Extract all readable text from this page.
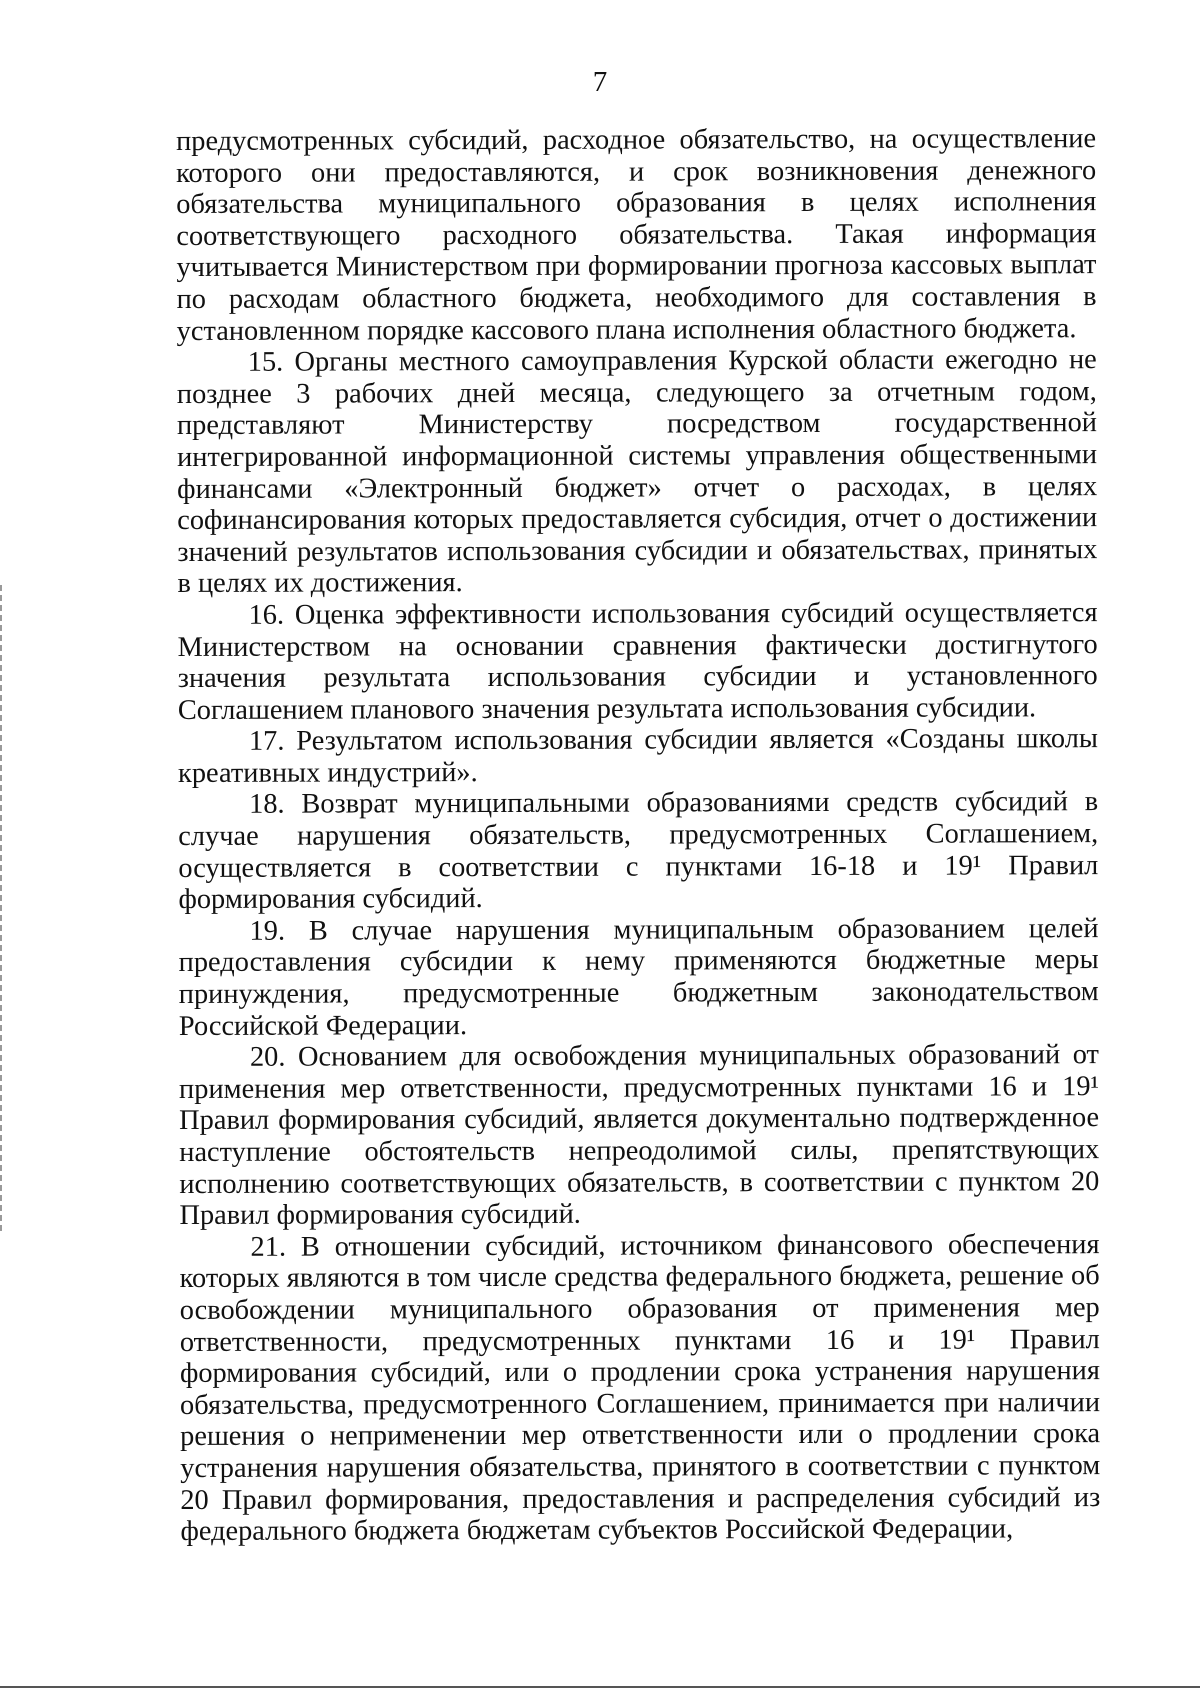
7

предусмотренных субсидий, расходное обязательство, на осуществление которого они предоставляются, и срок возникновения денежного обязательства муниципального образования в целях исполнения соответствующего расходного обязательства. Такая информация учитывается Министерством при формировании прогноза кассовых выплат по расходам областного бюджета, необходимого для составления в установленном порядке кассового плана исполнения областного бюджета.

15. Органы местного самоуправления Курской области ежегодно не позднее 3 рабочих дней месяца, следующего за отчетным годом, представляют Министерству посредством государственной интегрированной информационной системы управления общественными финансами «Электронный бюджет» отчет о расходах, в целях софинансирования которых предоставляется субсидия, отчет о достижении значений результатов использования субсидии и обязательствах, принятых в целях их достижения.

16. Оценка эффективности использования субсидий осуществляется Министерством на основании сравнения фактически достигнутого значения результата использования субсидии и установленного Соглашением планового значения результата использования субсидии.

17. Результатом использования субсидии является «Созданы школы креативных индустрий».

18. Возврат муниципальными образованиями средств субсидий в случае нарушения обязательств, предусмотренных Соглашением, осуществляется в соответствии с пунктами 16-18 и 19¹ Правил формирования субсидий.

19. В случае нарушения муниципальным образованием целей предоставления субсидии к нему применяются бюджетные меры принуждения, предусмотренные бюджетным законодательством Российской Федерации.

20. Основанием для освобождения муниципальных образований от применения мер ответственности, предусмотренных пунктами 16 и 19¹ Правил формирования субсидий, является документально подтвержденное наступление обстоятельств непреодолимой силы, препятствующих исполнению соответствующих обязательств, в соответствии с пунктом 20 Правил формирования субсидий.

21. В отношении субсидий, источником финансового обеспечения которых являются в том числе средства федерального бюджета, решение об освобождении муниципального образования от применения мер ответственности, предусмотренных пунктами 16 и 19¹ Правил формирования субсидий, или о продлении срока устранения нарушения обязательства, предусмотренного Соглашением, принимается при наличии решения о неприменении мер ответственности или о продлении срока устранения нарушения обязательства, принятого в соответствии с пунктом 20 Правил формирования, предоставления и распределения субсидий из федерального бюджета бюджетам субъектов Российской Федерации,
